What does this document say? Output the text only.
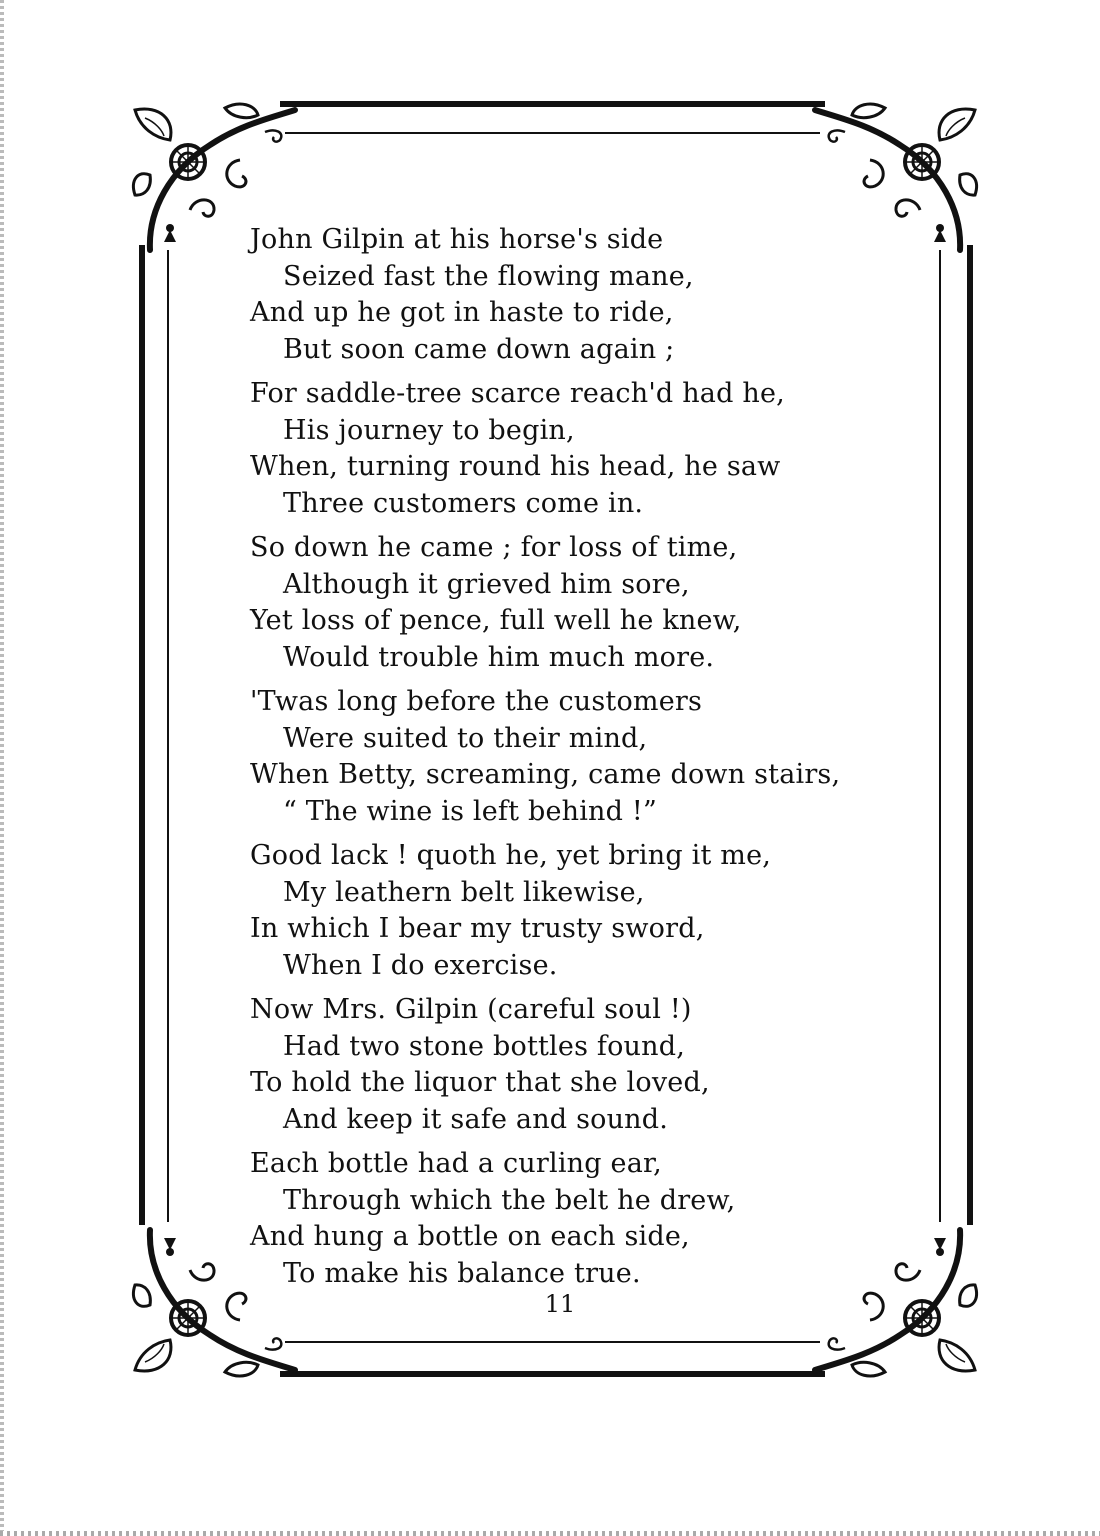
John Gilpin at his horse's side
Seized fast the flowing mane,
And up he got in haste to ride,
But soon came down again ;
For saddle-tree scarce reach'd had he,
His journey to begin,
When, turning round his head, he saw
Three customers come in.
So down he came ; for loss of time,
Although it grieved him sore,
Yet loss of pence, full well he knew,
Would trouble him much more.
'Twas long before the customers
Were suited to their mind,
When Betty, screaming, came down stairs,
“ The wine is left behind !”
Good lack ! quoth he, yet bring it me,
My leathern belt likewise,
In which I bear my trusty sword,
When I do exercise.
Now Mrs. Gilpin (careful soul !)
Had two stone bottles found,
To hold the liquor that she loved,
And keep it safe and sound.
Each bottle had a curling ear,
Through which the belt he drew,
And hung a bottle on each side,
To make his balance true.
11
